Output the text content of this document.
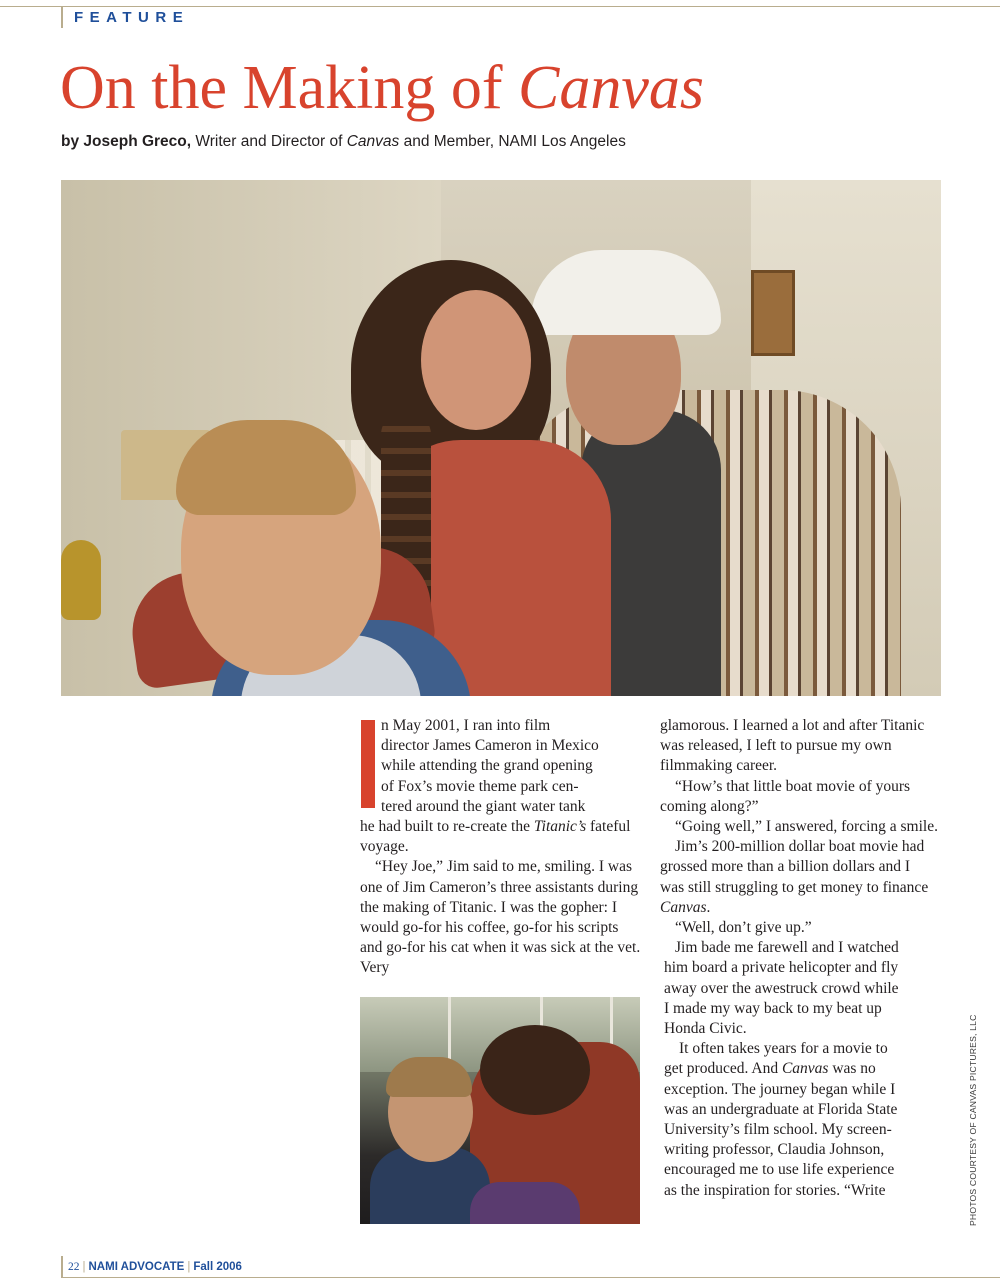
FEATURE
On the Making of Canvas
by Joseph Greco, Writer and Director of Canvas and Member, NAMI Los Angeles
n May 2001, I ran into film
director James Cameron in Mexico
while attending the grand opening
of Fox’s movie theme park cen-
tered around the giant water tank

he had built to re-create the Titanic’s fateful voyage.

“Hey Joe,” Jim said to me, smiling. I was one of Jim Cameron’s three assistants during the making of Titanic. I was the gopher: I would go-for his coffee, go-for his scripts and go-for his cat when it was sick at the vet. Very

glamorous. I learned a lot and after Titanic was released, I left to pursue my own filmmaking career.

“How’s that little boat movie of yours coming along?”

“Going well,” I answered, forcing a smile.

Jim’s 200-million dollar boat movie had grossed more than a billion dollars and I was still struggling to get money to finance Canvas.

“Well, don’t give up.”

Jim bade me farewell and I watched
him board a private helicopter and fly
away over the awestruck crowd while
I made my way back to my beat up
Honda Civic.
It often takes years for a movie to
get produced. And Canvas was no
exception. The journey began while I
was an undergraduate at Florida State
University’s film school. My screen-
writing professor, Claudia Johnson,
encouraged me to use life experience
as the inspiration for stories. “Write	PHOTOS COURTESY OF CANVAS PICTURES, LLC
22 | NAMI ADVOCATE | Fall 2006
